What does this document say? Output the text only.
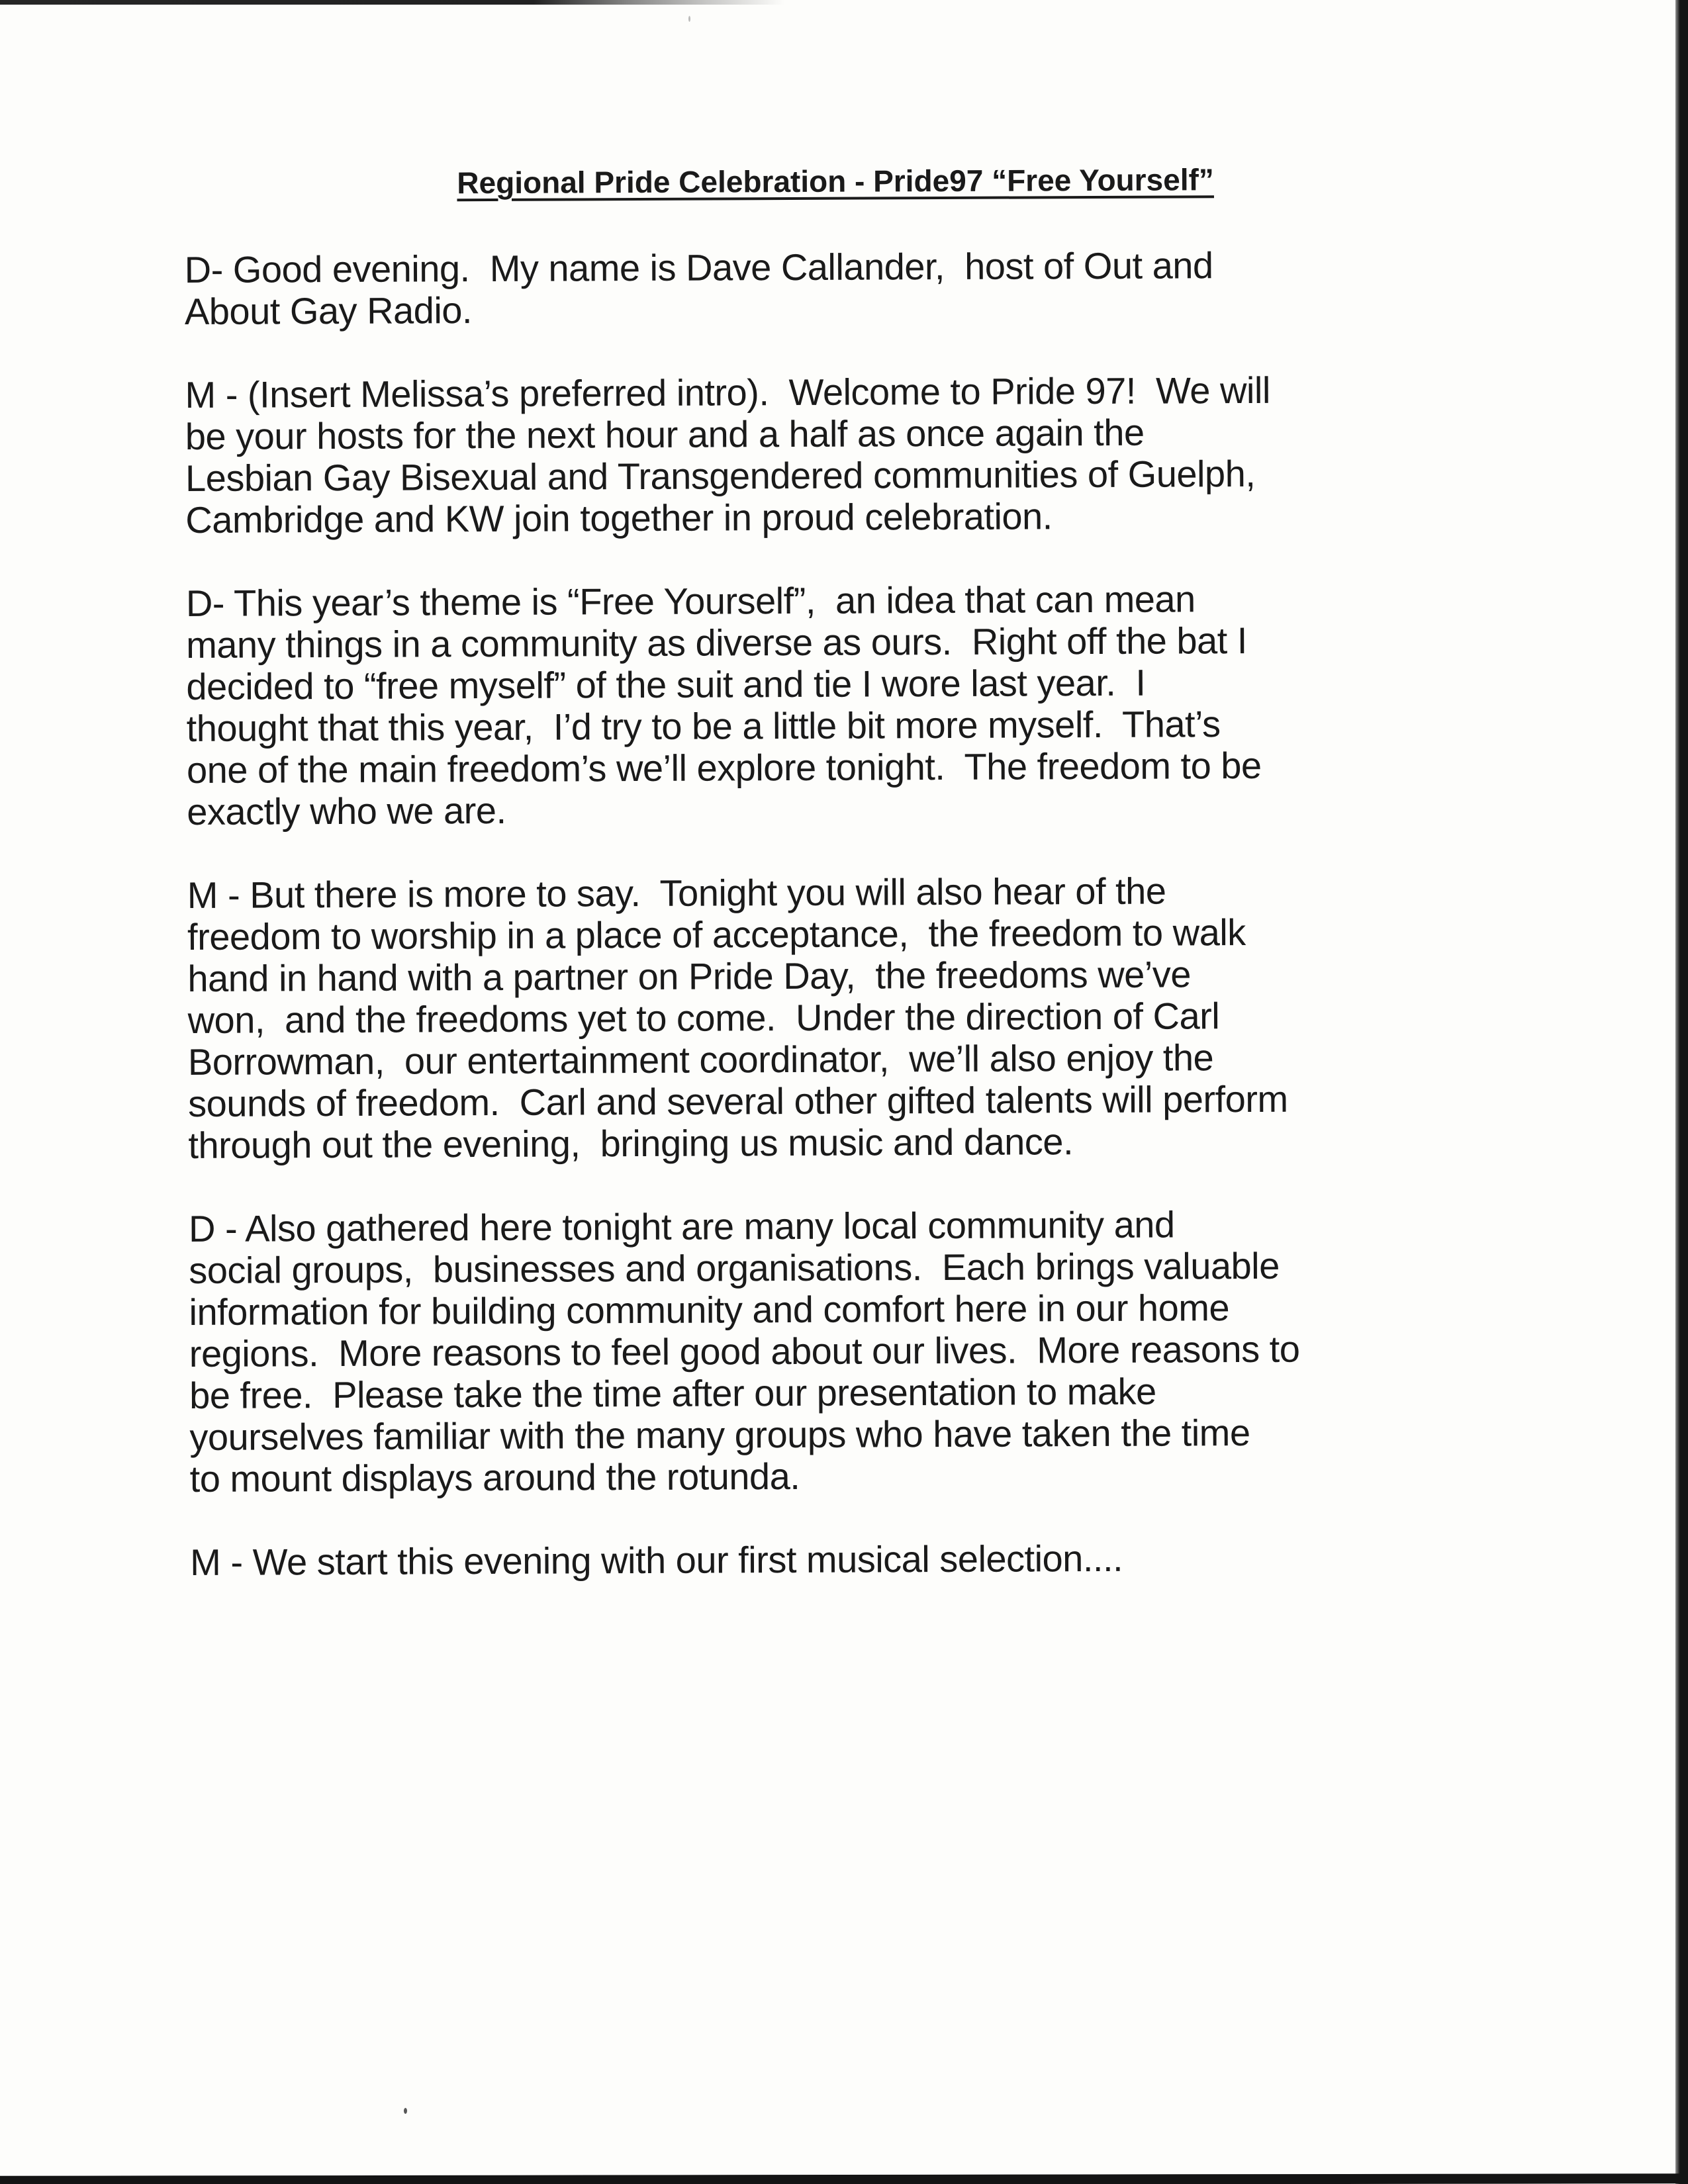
Regional Pride Celebration - Pride97 “Free Yourself”

D- Good evening.  My name is Dave Callander,  host of Out and
About Gay Radio.

M - (Insert Melissa’s preferred intro).  Welcome to Pride 97!  We will
be your hosts for the next hour and a half as once again the
Lesbian Gay Bisexual and Transgendered communities of Guelph,
Cambridge and KW join together in proud celebration.

D- This year’s theme is “Free Yourself”,  an idea that can mean
many things in a community as diverse as ours.  Right off the bat I
decided to “free myself” of the suit and tie I wore last year.  I
thought that this year,  I’d try to be a little bit more myself.  That’s
one of the main freedom’s we’ll explore tonight.  The freedom to be
exactly who we are.

M - But there is more to say.  Tonight you will also hear of the
freedom to worship in a place of acceptance,  the freedom to walk
hand in hand with a partner on Pride Day,  the freedoms we’ve
won,  and the freedoms yet to come.  Under the direction of Carl
Borrowman,  our entertainment coordinator,  we’ll also enjoy the
sounds of freedom.  Carl and several other gifted talents will perform
through out the evening,  bringing us music and dance.

D - Also gathered here tonight are many local community and
social groups,  businesses and organisations.  Each brings valuable
information for building community and comfort here in our home
regions.  More reasons to feel good about our lives.  More reasons to
be free.  Please take the time after our presentation to make
yourselves familiar with the many groups who have taken the time
to mount displays around the rotunda.

M - We start this evening with our first musical selection....
